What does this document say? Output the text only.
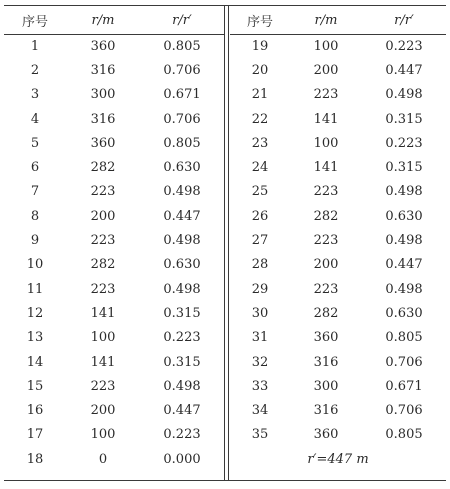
序号	r/m	r/r′
1	360	0.805
2	316	0.706
3	300	0.671
4	316	0.706
5	360	0.805
6	282	0.630
7	223	0.498
8	200	0.447
9	223	0.498
10	282	0.630
11	223	0.498
12	141	0.315
13	100	0.223
14	141	0.315
15	223	0.498
16	200	0.447
17	100	0.223
18	0	0.000
序号	r/m	r/r′
19	100	0.223
20	200	0.447
21	223	0.498
22	141	0.315
23	100	0.223
24	141	0.315
25	223	0.498
26	282	0.630
27	223	0.498
28	200	0.447
29	223	0.498
30	282	0.630
31	360	0.805
32	316	0.706
33	300	0.671
34	316	0.706
35	360	0.805
r′=447 m
